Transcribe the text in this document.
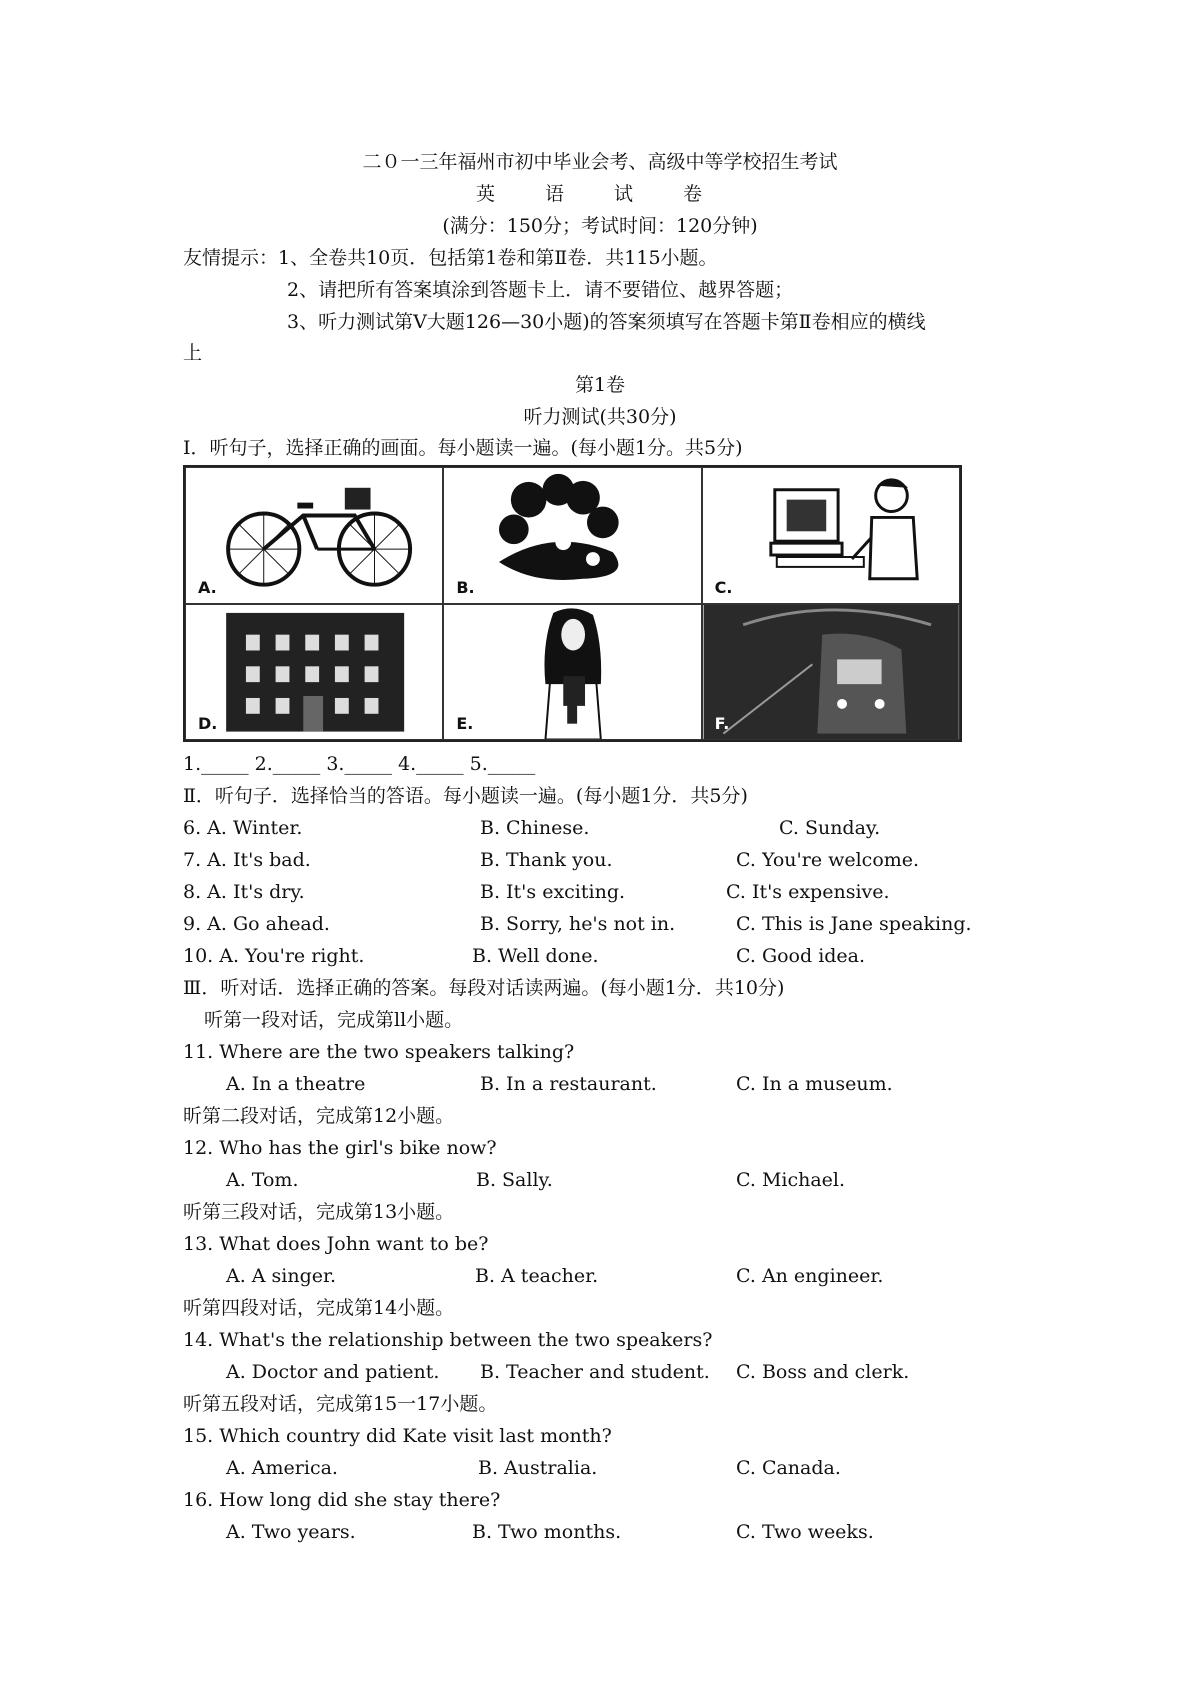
二０一三年福州市初中毕业会考、高级中等学校招生考试
英 语 试 卷
(满分：150分；考试时间：120分钟)
友情提示：1、全卷共10页．包括第1卷和第Ⅱ卷．共115小题。
2、请把所有答案填涂到答题卡上．请不要错位、越界答题；
3、听力测试第Ⅴ大题126—30小题)的答案须填写在答题卡第Ⅱ卷相应的横线
上
第1卷
听力测试(共30分)
I．听句子，选择正确的画面。每小题读一遍。(每小题1分。共5分)
A.	B.	C.
D.	E.	F.
1._____ 2._____ 3._____ 4._____ 5._____
Ⅱ．听句子．选择恰当的答语。每小题读一遍。(每小题1分．共5分)
6. A. Winter.	B. Chinese.	C. Sunday.
7. A. It's bad.	B. Thank you.	C. You're welcome.
8. A. It's dry.	B. It's exciting.	C. It's expensive.
9. A. Go ahead.	B. Sorry, he's not in.	C. This is Jane speaking.
10. A. You're right.	B. Well done.	C. Good idea.
Ⅲ．听对话．选择正确的答案。每段对话读两遍。(每小题1分．共10分)
听第一段对话，完成第ll小题。
11. Where are the two speakers talking?
A. In a theatre	B. In a restaurant.	C. In a museum.
昕第二段对话，完成第12小题。
12. Who has the girl's bike now?
A. Tom.	B. Sally.	C. Michael.
听第三段对话，完成第13小题。
13. What does John want to be?
A. A singer.	B. A teacher.	C. An engineer.
听第四段对话，完成第14小题。
14. What's the relationship between the two speakers?
A. Doctor and patient. B. Teacher and student. C. Boss and clerk.
听第五段对话，完成第15一17小题。
15. Which country did Kate visit last month?
A. America.	B. Australia.	C. Canada.
16. How long did she stay there?
A. Two years.	B. Two months.	C. Two weeks.
